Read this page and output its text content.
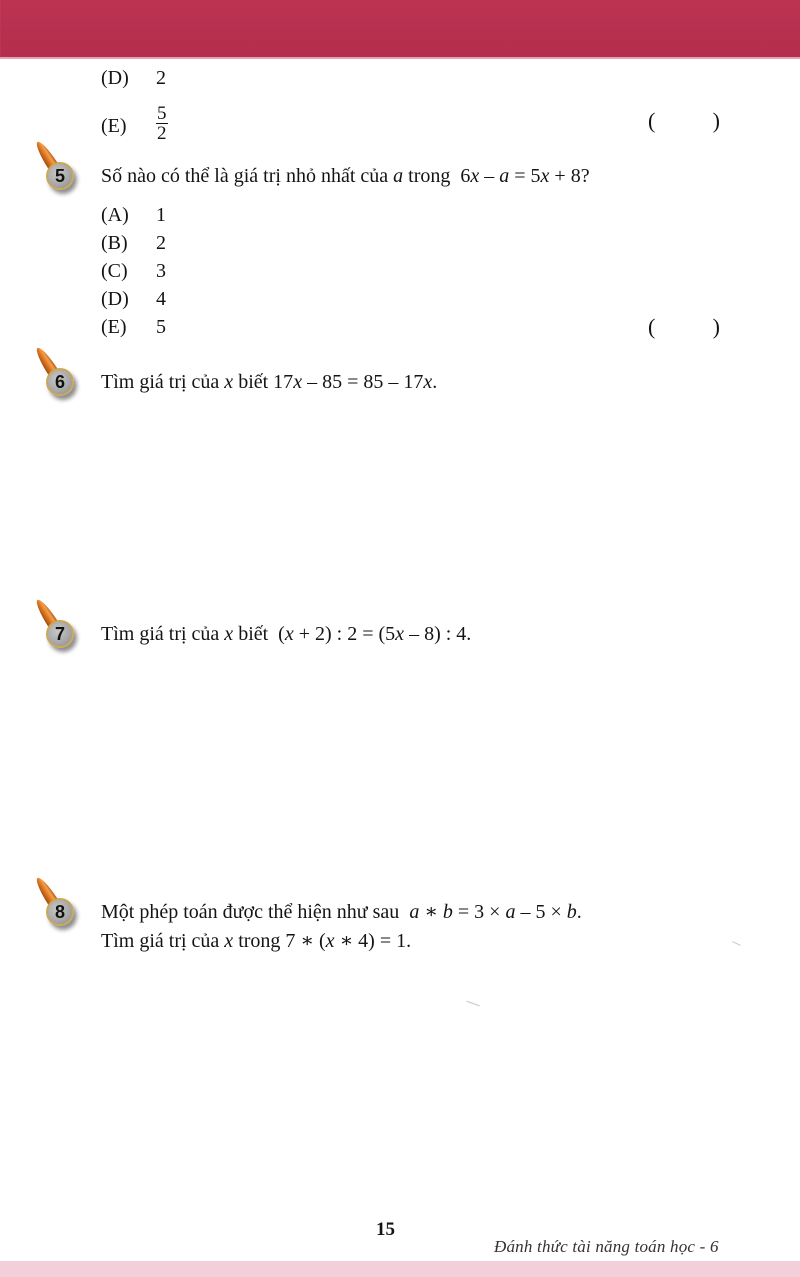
(D) 2
$(E) \frac{5}{2}$	(	)
5	Số nào có thể là giá trị nhỏ nhất của a trong  6x – a = 5x + 8?
(A) 1
(B) 2
(C) 3
(D) 4
(E) 5	(	)
6	Tìm giá trị của x biết 17x – 85 = 85 – 17x.
7	Tìm giá trị của x biết  (x + 2) : 2 = (5x – 8) : 4.
8	Một phép toán được thể hiện như sau  a ∗ b = 3 × a – 5 × b.
Tìm giá trị của x trong 7 ∗ (x ∗ 4) = 1.
15
Đánh thức tài năng toán học - 6
